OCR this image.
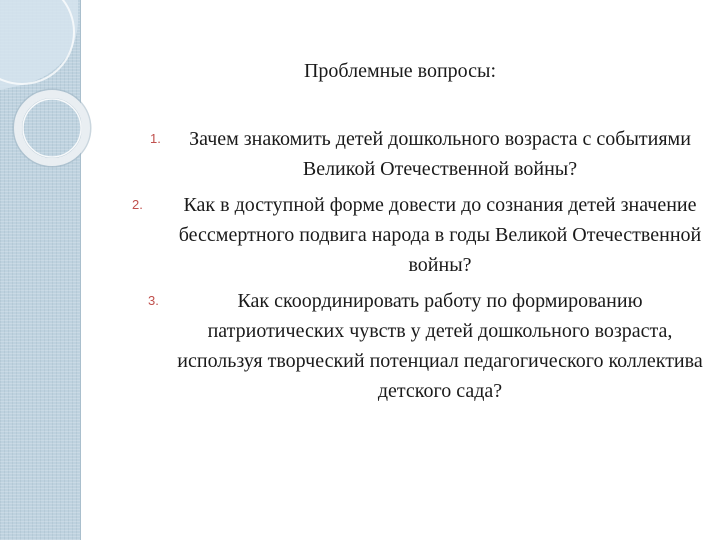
Проблемные вопросы:
1.	Зачем знакомить детей дошкольного возраста с событиями Великой Отечественной войны?
2.	Как в доступной форме довести до сознания детей значение бессмертного подвига народа в годы Великой Отечественной войны?
3.	Как скоординировать работу по формированию патриотических чувств у детей дошкольного возраста, используя творческий потенциал педагогического коллектива детского сада?
